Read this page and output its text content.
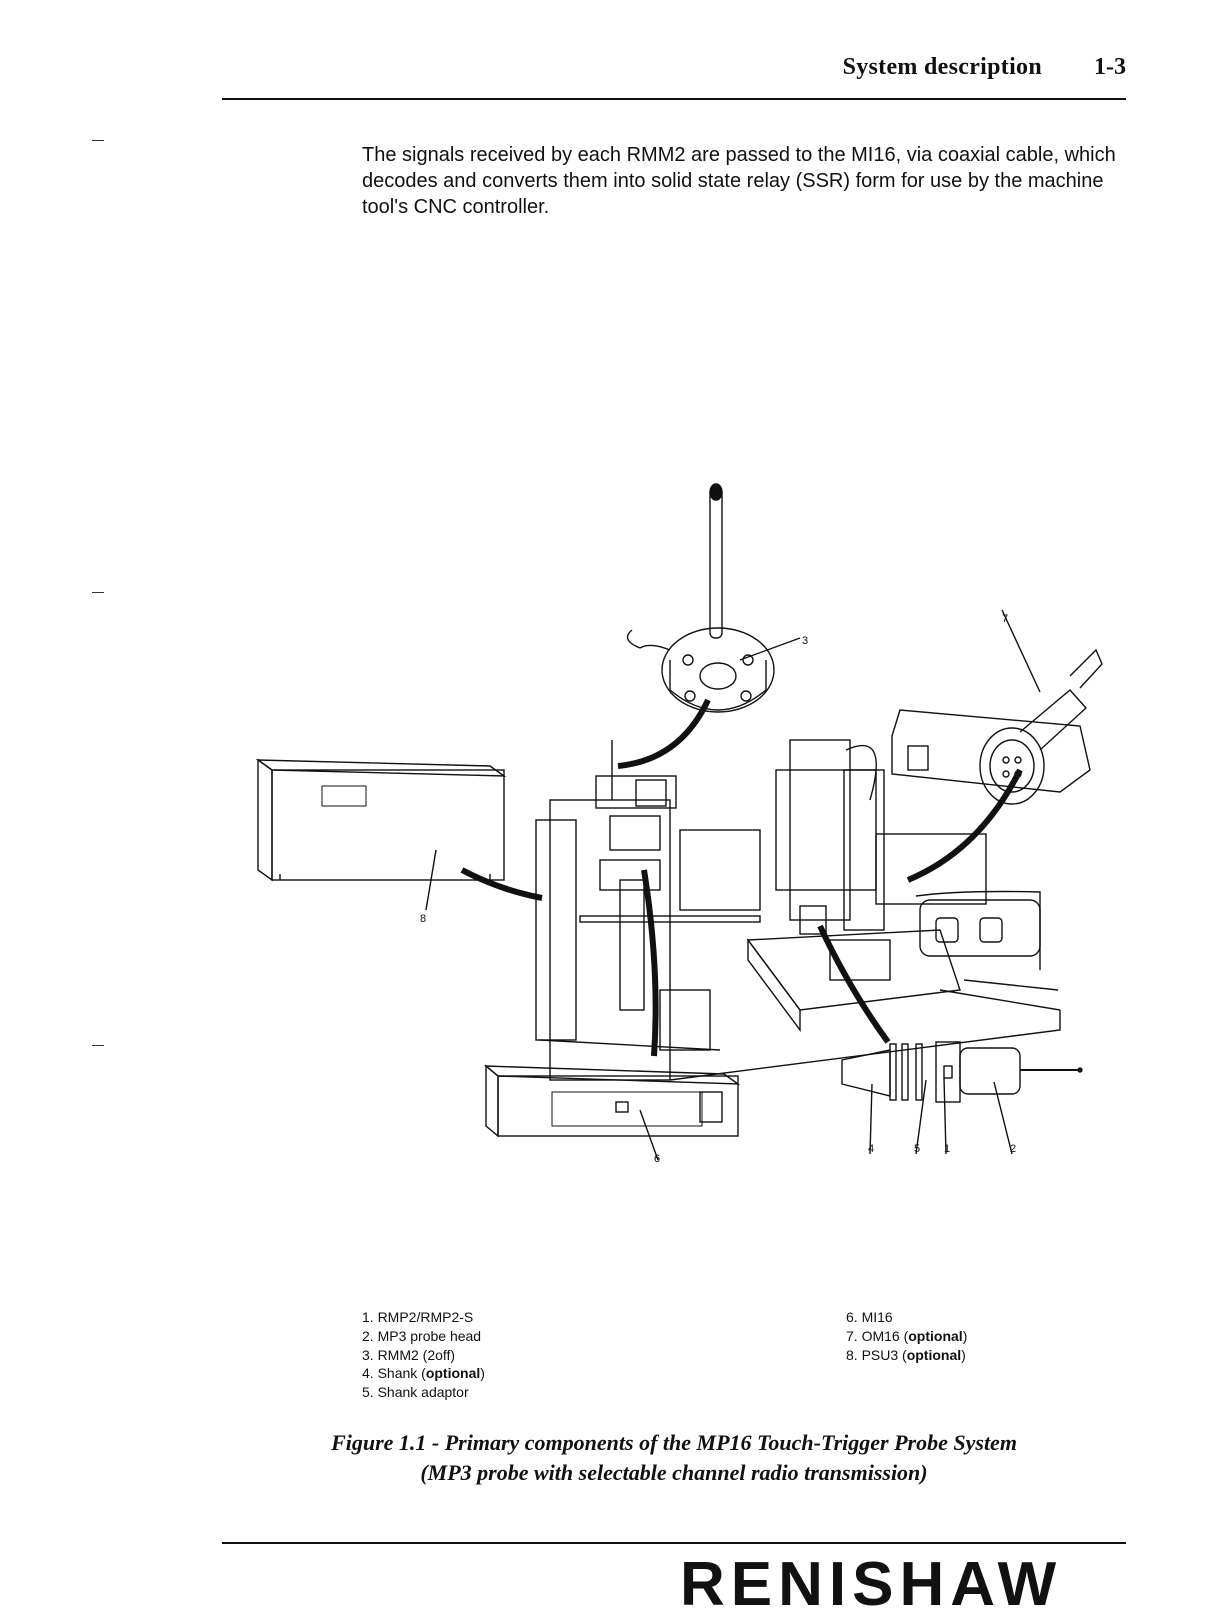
System description 1-3

The signals received by each RMM2 are passed to the MI16, via coaxial cable, which decodes and converts them into solid state relay (SSR) form for use by the machine tool's CNC controller.

3
7
8
6
4	5 1	2
1. RMP2/RMP2-S
2. MP3 probe head
3. RMM2 (2off)
4. Shank (optional)
5. Shank adaptor
6. MI16
7. OM16 (optional)
8. PSU3 (optional)
Figure 1.1 - Primary components of the MP16 Touch-Trigger Probe System
(MP3 probe with selectable channel radio transmission)
RENISHAW
